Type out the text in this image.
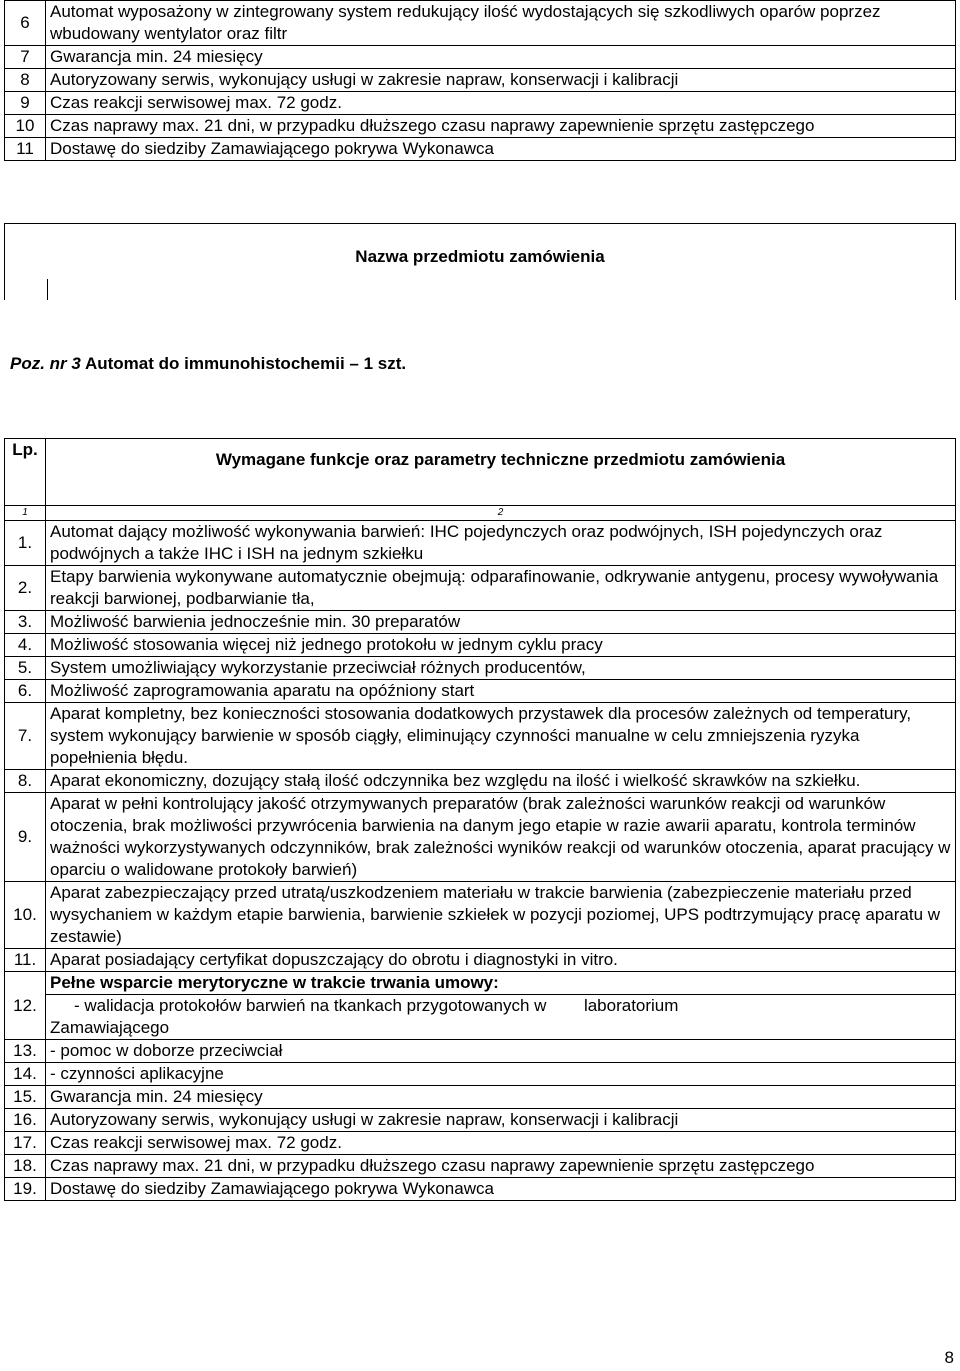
6	Automat wyposażony w zintegrowany system redukujący ilość wydostających się szkodliwych oparów poprzez wbudowany wentylator oraz filtr
7	Gwarancja min. 24 miesięcy
8	Autoryzowany serwis, wykonujący usługi w zakresie napraw, konserwacji i kalibracji
9	Czas reakcji serwisowej max. 72 godz.
10	Czas naprawy max. 21 dni, w przypadku dłuższego czasu naprawy zapewnienie sprzętu zastępczego
11	Dostawę do siedziby Zamawiającego pokrywa Wykonawca
Nazwa przedmiotu zamówienia
Poz. nr 3 Automat do immunohistochemii – 1 szt.
Lp.	Wymagane funkcje oraz parametry techniczne przedmiotu zamówienia
1	2
1.	Automat dający możliwość wykonywania barwień: IHC pojedynczych oraz podwójnych, ISH pojedynczych oraz podwójnych a także IHC i ISH na jednym szkiełku
2.	Etapy barwienia wykonywane automatycznie obejmują: odparafinowanie, odkrywanie antygenu, procesy wywoływania reakcji barwionej, podbarwianie tła,
3.	Możliwość barwienia jednocześnie min. 30 preparatów
4.	Możliwość stosowania więcej niż jednego protokołu w jednym cyklu pracy
5.	System umożliwiający wykorzystanie przeciwciał różnych producentów,
6.	Możliwość zaprogramowania aparatu na opóźniony start
7.	Aparat kompletny, bez konieczności stosowania dodatkowych przystawek dla procesów zależnych od temperatury, system wykonujący barwienie w sposób ciągły, eliminujący czynności manualne w celu zmniejszenia ryzyka popełnienia błędu.
8.	Aparat ekonomiczny, dozujący stałą ilość odczynnika bez względu na ilość i wielkość skrawków na szkiełku.
9.	Aparat w pełni kontrolujący jakość otrzymywanych preparatów (brak zależności warunków reakcji od warunków otoczenia, brak możliwości przywrócenia barwienia na danym jego etapie w razie awarii aparatu, kontrola terminów ważności wykorzystywanych odczynników, brak zależności wyników reakcji od warunków otoczenia, aparat pracujący w oparciu o walidowane protokoły barwień)
10.	Aparat zabezpieczający przed utratą/uszkodzeniem materiału w trakcie barwienia (zabezpieczenie materiału przed wysychaniem w każdym etapie barwienia, barwienie szkiełek w pozycji poziomej, UPS podtrzymujący pracę aparatu w zestawie)
11.	Aparat posiadający certyfikat dopuszczający do obrotu i diagnostyki in vitro.
12.	Pełne wsparcie merytoryczne w trakcie trwania umowy:

	- walidacja protokołów barwień na tkankach przygotowanych w laboratorium
Zamawiającego

13.	- pomoc w doborze przeciwciał
14.	- czynności aplikacyjne
15.	Gwarancja min. 24 miesięcy
16.	Autoryzowany serwis, wykonujący usługi w zakresie napraw, konserwacji i kalibracji
17.	Czas reakcji serwisowej max. 72 godz.
18.	Czas naprawy max. 21 dni, w przypadku dłuższego czasu naprawy zapewnienie sprzętu zastępczego
19.	Dostawę do siedziby Zamawiającego pokrywa Wykonawca
8
